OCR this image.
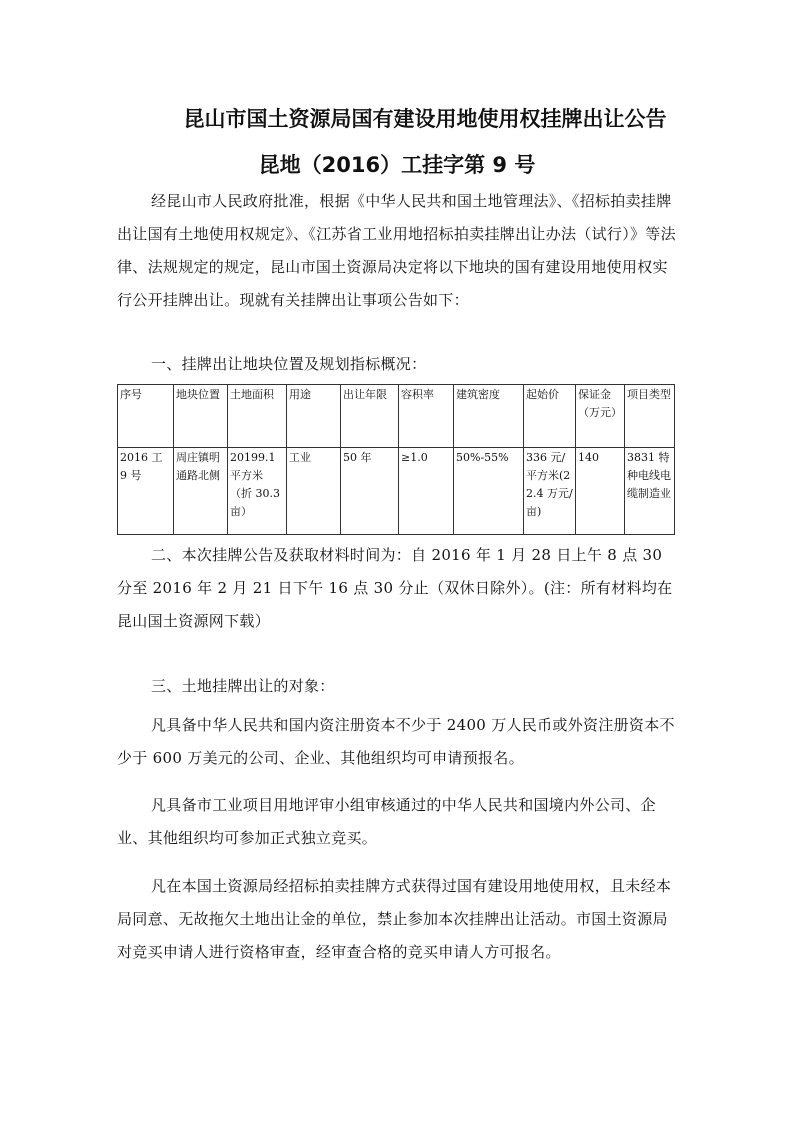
昆山市国土资源局国有建设用地使用权挂牌出让公告
昆地（2016）工挂字第 9 号

经昆山市人民政府批准，根据《中华人民共和国土地管理法》、《招标拍卖挂牌出让国有土地使用权规定》、《江苏省工业用地招标拍卖挂牌出让办法（试行）》等法律、法规规定的规定，昆山市国土资源局决定将以下地块的国有建设用地使用权实行公开挂牌出让。现就有关挂牌出让事项公告如下：

一、挂牌出让地块位置及规划指标概况：

序号	地块位置	土地面积	用途	出让年限	容积率	建筑密度	起始价	保证金（万元）	项目类型
2016 工 9 号	周庄镇明通路北侧	20199.1 平方米（折 30.3 亩）	工业	50 年	≥1.0	50%-55%	336 元/平方米(22.4 万元/亩)	140	3831 特种电线电缆制造业

二、本次挂牌公告及获取材料时间为：自 2016 年 1 月 28 日上午 8 点 30 分至 2016 年 2 月 21 日下午 16 点 30 分止（双休日除外）。(注：所有材料均在昆山国土资源网下载）

三、土地挂牌出让的对象：

凡具备中华人民共和国内资注册资本不少于 2400 万人民币或外资注册资本不少于 600 万美元的公司、企业、其他组织均可申请预报名。

凡具备市工业项目用地评审小组审核通过的中华人民共和国境内外公司、企业、其他组织均可参加正式独立竞买。

凡在本国土资源局经招标拍卖挂牌方式获得过国有建设用地使用权，且未经本局同意、无故拖欠土地出让金的单位，禁止参加本次挂牌出让活动。市国土资源局对竞买申请人进行资格审查，经审查合格的竞买申请人方可报名。
